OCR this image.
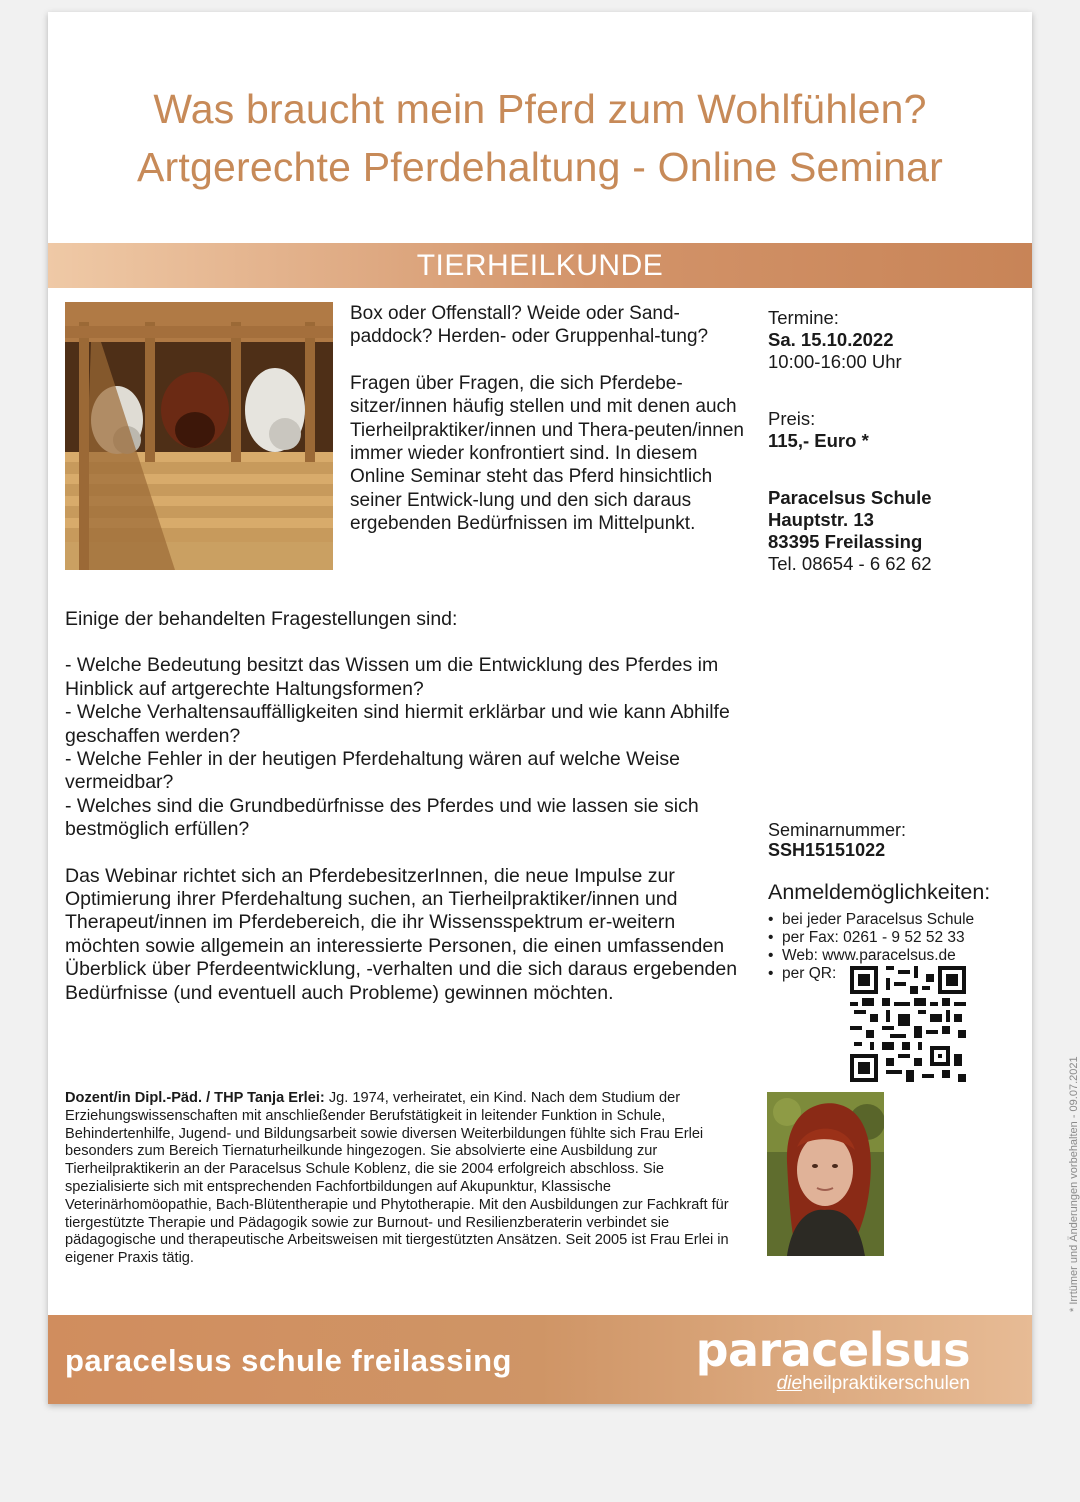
Was braucht mein Pferd zum Wohlfühlen?
Artgerechte Pferdehaltung - Online Seminar
TIERHEILKUNDE

Box oder Offenstall? Weide oder Sand-paddock? Herden- oder Gruppenhal-tung?

Fragen über Fragen, die sich Pferdebe-sitzer/innen häufig stellen und mit denen auch Tierheilpraktiker/innen und Thera-peuten/innen immer wieder konfrontiert sind. In diesem Online Seminar steht das Pferd hinsichtlich seiner Entwick-lung und den sich daraus ergebenden Bedürfnissen im Mittelpunkt.

Termine:
Sa. 15.10.2022
10:00-16:00 Uhr
Preis:
115,- Euro *
Paracelsus Schule
Hauptstr. 13
83395 Freilassing
Tel. 08654 - 6 62 62

Einige der behandelten Fragestellungen sind:

- Welche Bedeutung besitzt das Wissen um die Entwicklung des Pferdes im Hinblick auf artgerechte Haltungsformen?

- Welche Verhaltensauffälligkeiten sind hiermit erklärbar und wie kann Abhilfe geschaffen werden?

- Welche Fehler in der heutigen Pferdehaltung wären auf welche Weise vermeidbar?

- Welches sind die Grundbedürfnisse des Pferdes und wie lassen sie sich bestmöglich erfüllen?

Das Webinar richtet sich an PferdebesitzerInnen, die neue Impulse zur Optimierung ihrer Pferdehaltung suchen, an Tierheilpraktiker/innen und Therapeut/innen im Pferdebereich, die ihr Wissensspektrum er-weitern möchten sowie allgemein an interessierte Personen, die einen umfassenden Überblick über Pferdeentwicklung, -verhalten und die sich daraus ergebenden Bedürfnisse (und eventuell auch Probleme) gewinnen möchten.

Seminarnummer:
SSH15151022
Anmeldemöglichkeiten:
• bei jeder Paracelsus Schule
• per Fax: 0261 - 9 52 52 33
• Web: www.paracelsus.de
• per QR:
Dozent/in Dipl.-Päd. / THP Tanja Erlei: Jg. 1974, verheiratet, ein Kind. Nach dem Studium der Erziehungswissenschaften mit anschließender Berufstätigkeit in leitender Funktion in Schule, Behindertenhilfe, Jugend- und Bildungsarbeit sowie diversen Weiterbildungen fühlte sich Frau Erlei besonders zum Bereich Tiernaturheilkunde hingezogen. Sie absolvierte eine Ausbildung zur Tierheilpraktikerin an der Paracelsus Schule Koblenz, die sie 2004 erfolgreich abschloss. Sie spezialisierte sich mit entsprechenden Fachfortbildungen auf Akupunktur, Klassische Veterinärhomöopathie, Bach-Blütentherapie und Phytotherapie. Mit den Ausbildungen zur Fachkraft für tiergestützte Therapie und Pädagogik sowie zur Burnout- und Resilienzberaterin verbindet sie pädagogische und therapeutische Arbeitsweisen mit tiergestützten Ansätzen. Seit 2005 ist Frau Erlei in eigener Praxis tätig.	* Irrtümer und Änderungen vorbehalten - 09.07.2021
paracelsus schule freilassing	paracelsus
dieheilpraktikerschulen
